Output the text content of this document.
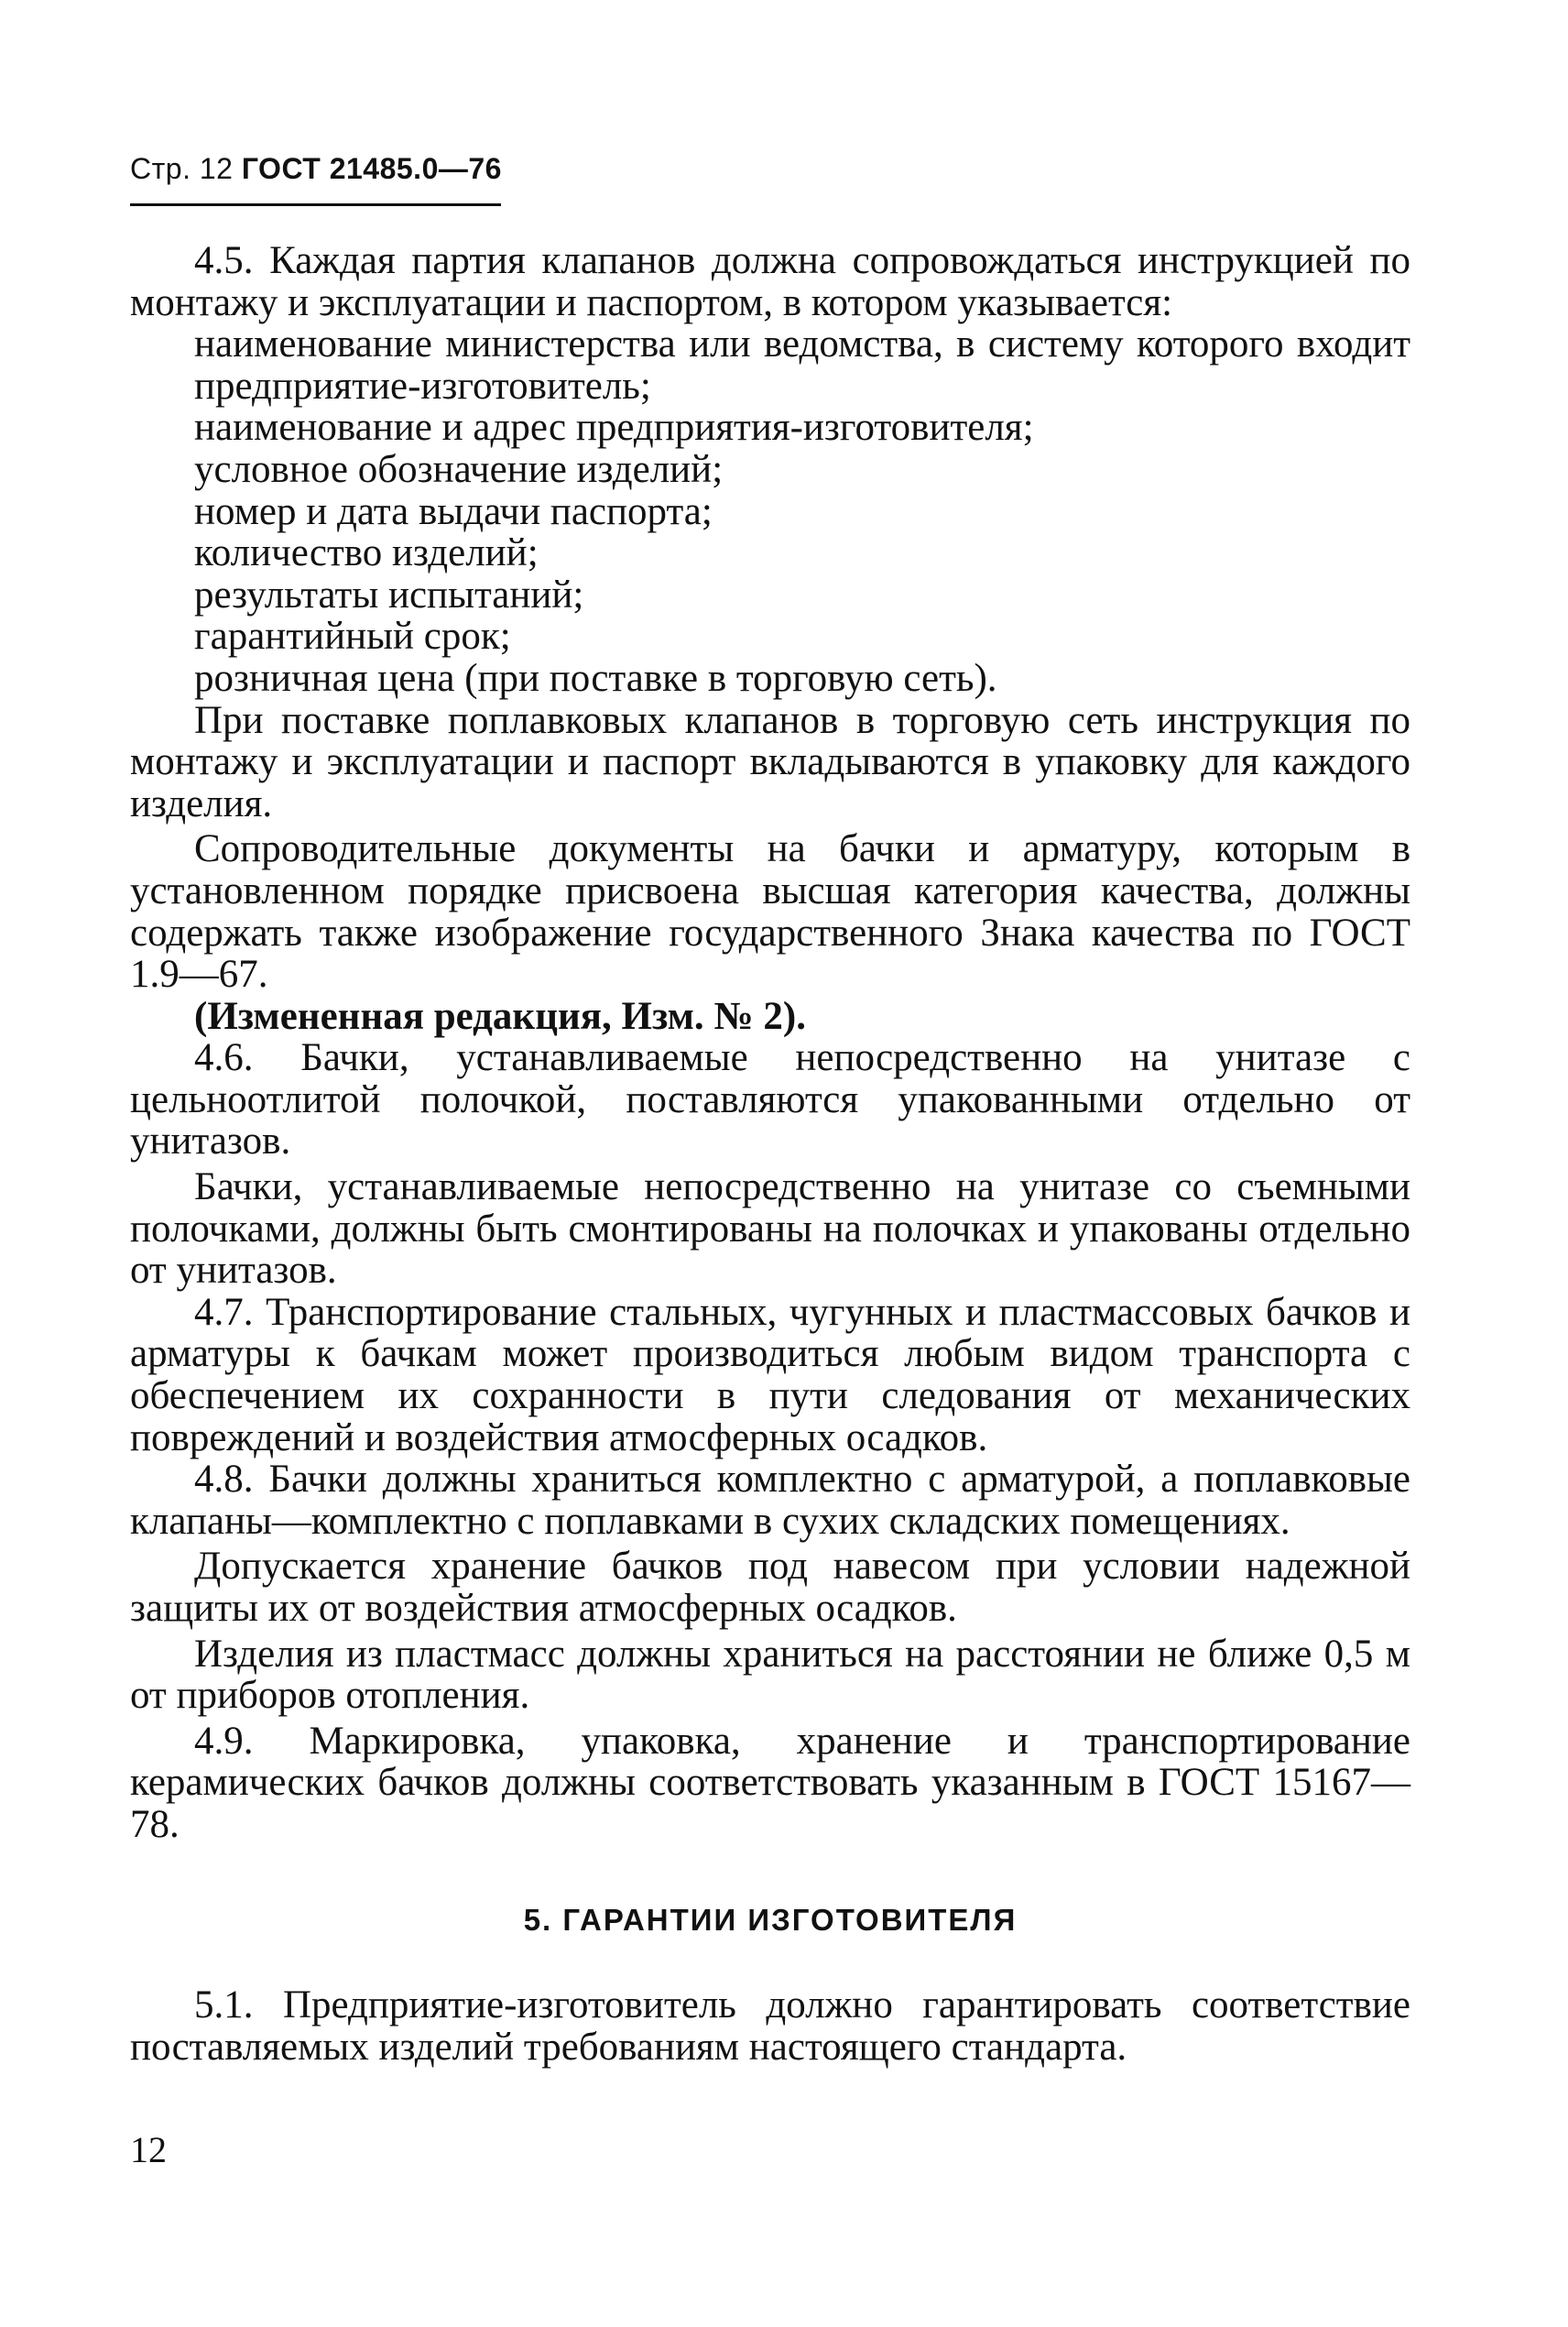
Стр. 12 ГОСТ 21485.0—76

4.5. Каждая партия клапанов должна сопровождаться инструкцией по монтажу и эксплуатации и паспортом, в котором указывается:

наименование министерства или ведомства, в систему которого входит предприятие-изготовитель;

наименование и адрес предприятия-изготовителя;

условное обозначение изделий;

номер и дата выдачи паспорта;

количество изделий;

результаты испытаний;

гарантийный срок;

розничная цена (при поставке в торговую сеть).

При поставке поплавковых клапанов в торговую сеть инструкция по монтажу и эксплуатации и паспорт вкладываются в упаковку для каждого изделия.

Сопроводительные документы на бачки и арматуру, которым в установленном порядке присвоена высшая категория качества, должны содержать также изображение государственного Знака качества по ГОСТ 1.9—67.

(Измененная редакция, Изм. № 2).

4.6. Бачки, устанавливаемые непосредственно на унитазе с цельноотлитой полочкой, поставляются упакованными отдельно от унитазов.

Бачки, устанавливаемые непосредственно на унитазе со съемными полочками, должны быть смонтированы на полочках и упакованы отдельно от унитазов.

4.7. Транспортирование стальных, чугунных и пластмассовых бачков и арматуры к бачкам может производиться любым видом транспорта с обеспечением их сохранности в пути следования от механических повреждений и воздействия атмосферных осадков.

4.8. Бачки должны храниться комплектно с арматурой, а поплавковые клапаны—комплектно с поплавками в сухих складских помещениях.

Допускается хранение бачков под навесом при условии надежной защиты их от воздействия атмосферных осадков.

Изделия из пластмасс должны храниться на расстоянии не ближе 0,5 м от приборов отопления.

4.9. Маркировка, упаковка, хранение и транспортирование керамических бачков должны соответствовать указанным в ГОСТ 15167—78.

5. ГАРАНТИИ ИЗГОТОВИТЕЛЯ

5.1. Предприятие-изготовитель должно гарантировать соответствие поставляемых изделий требованиям настоящего стандарта.

12
